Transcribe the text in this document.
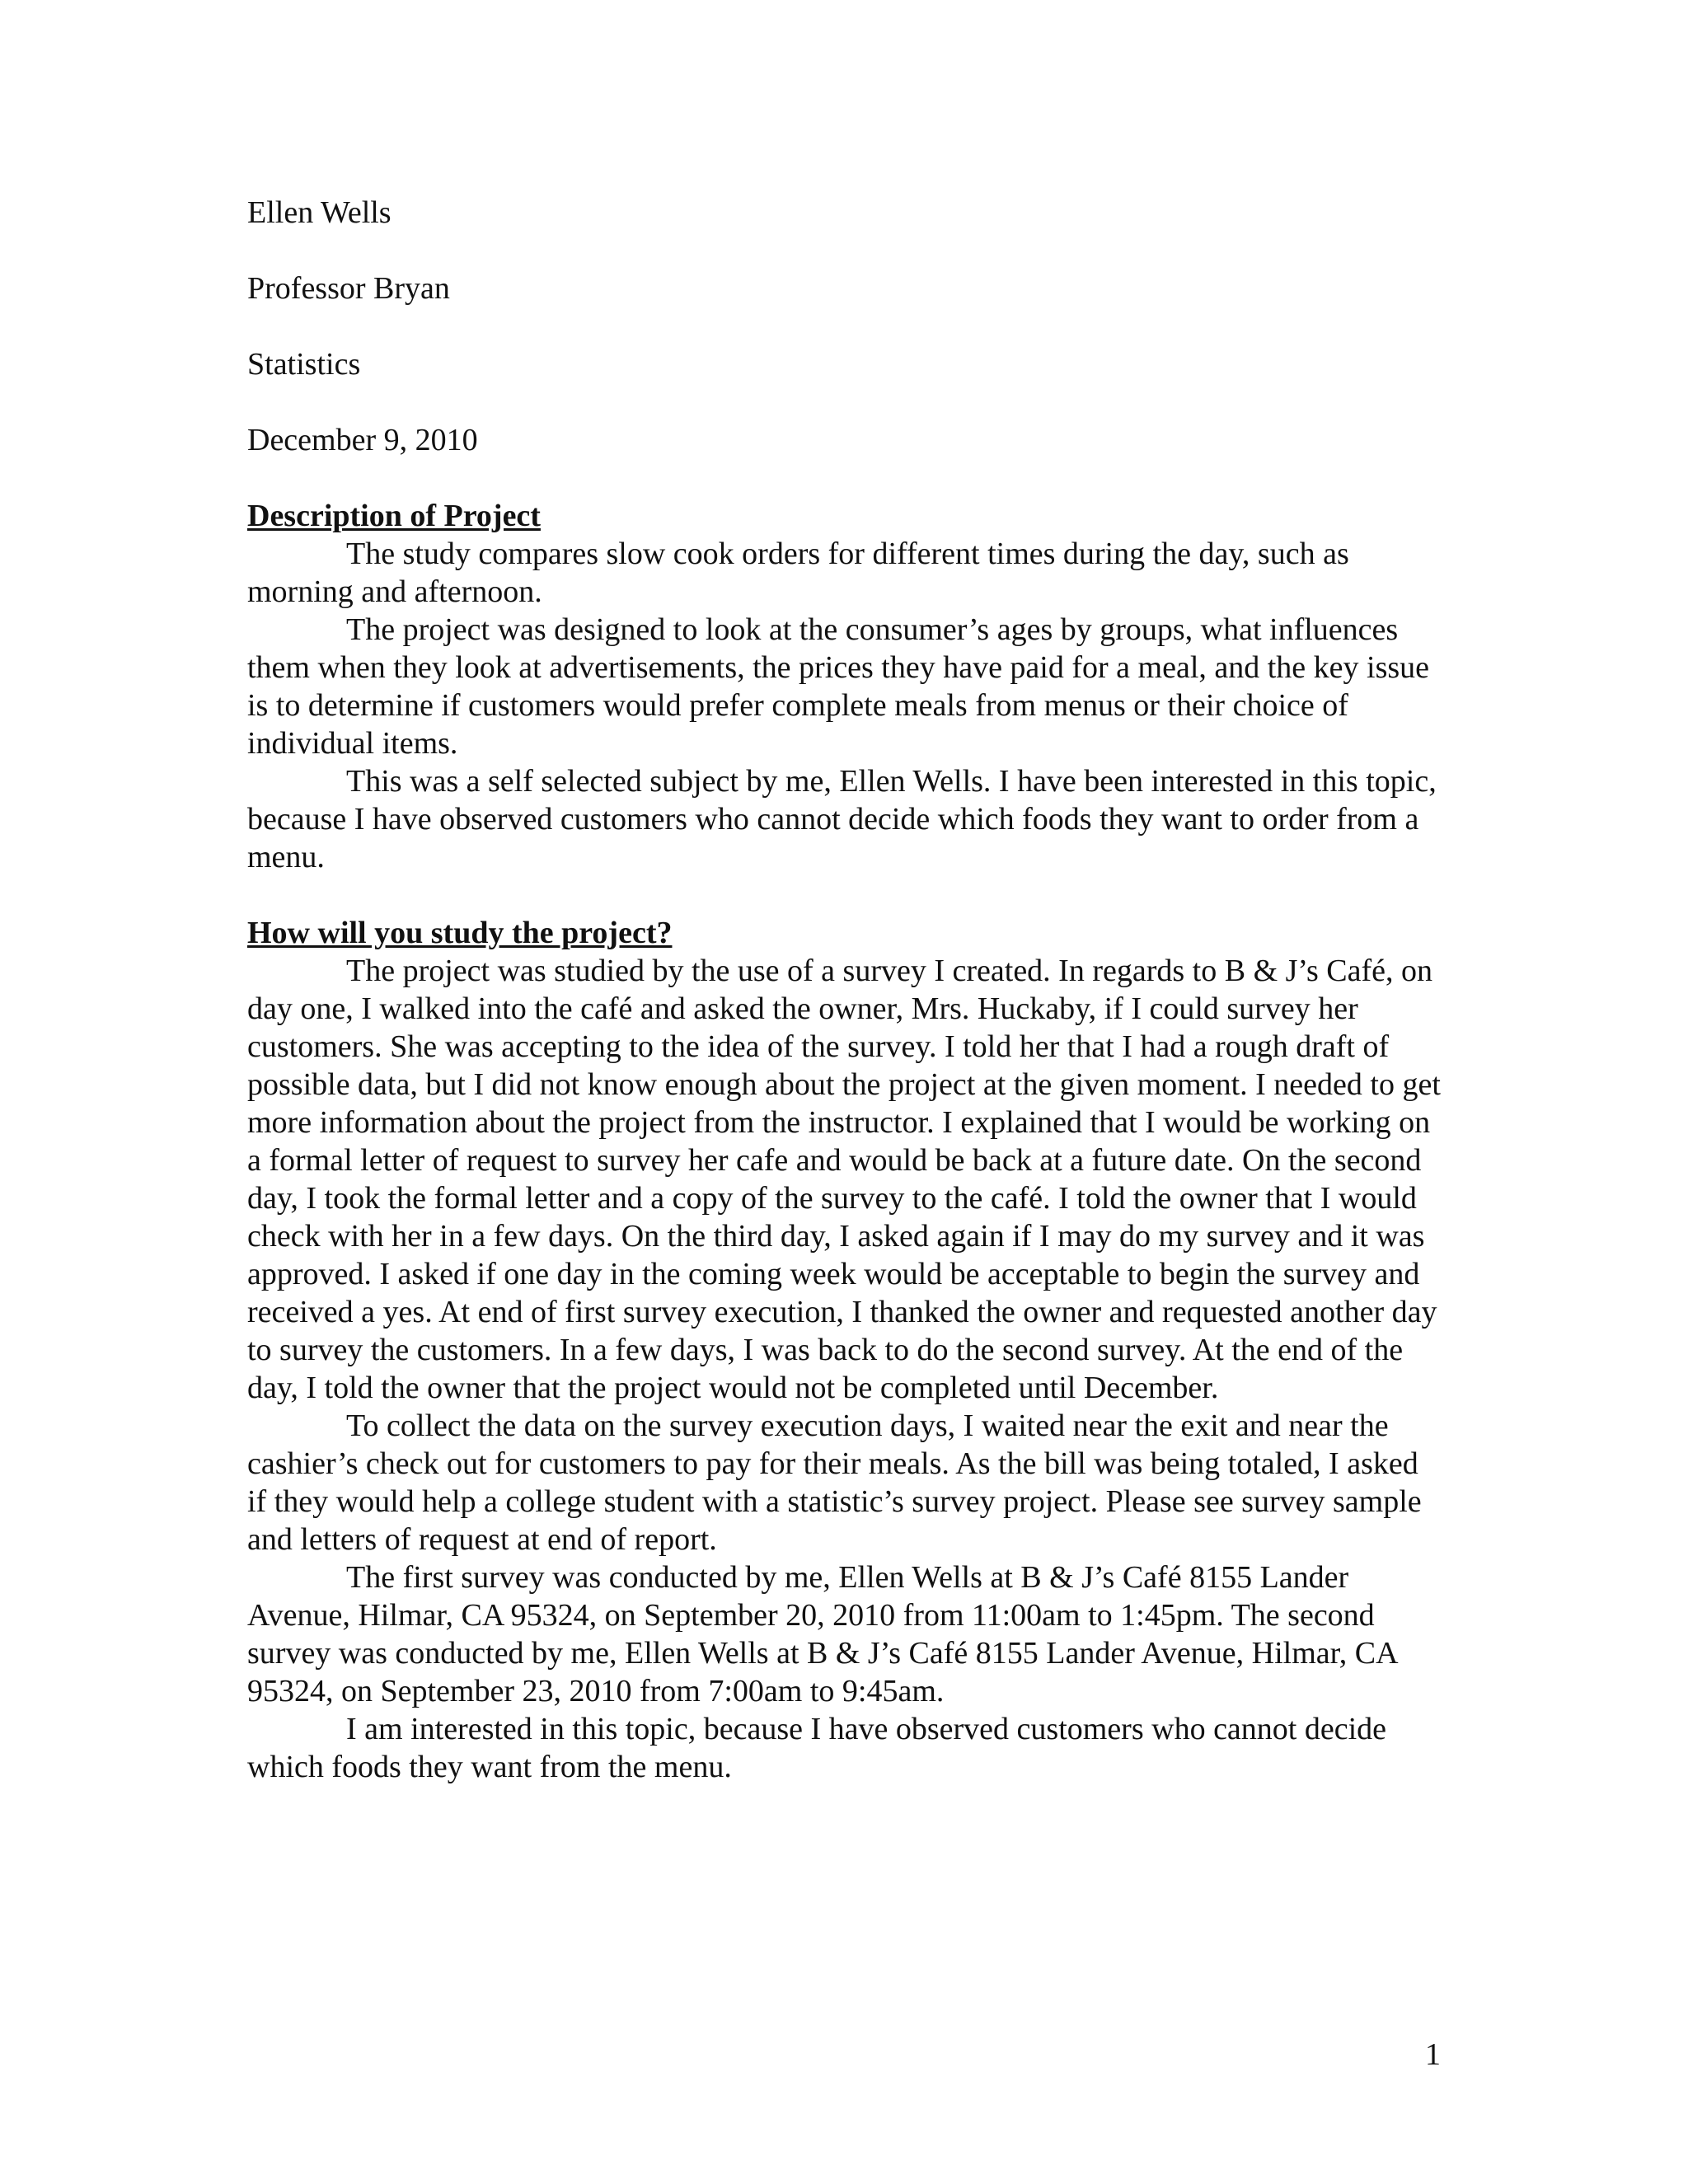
Ellen Wells
Professor Bryan
Statistics
December 9, 2010
Description of Project

The study compares slow cook orders for different times during the day, such as morning and afternoon.

The project was designed to look at the consumer’s ages by groups, what influences them when they look at advertisements, the prices they have paid for a meal, and the key issue is to determine if customers would prefer complete meals from menus or their choice of individual items.

This was a self selected subject by me, Ellen Wells. I have been interested in this topic, because I have observed customers who cannot decide which foods they want to order from a menu.

How will you study the project?

The project was studied by the use of a survey I created. In regards to B & J’s Café, on day one, I walked into the café and asked the owner, Mrs. Huckaby, if I could survey her customers. She was accepting to the idea of the survey. I told her that I had a rough draft of possible data, but I did not know enough about the project at the given moment. I needed to get more information about the project from the instructor. I explained that I would be working on a formal letter of request to survey her cafe and would be back at a future date. On the second day, I took the formal letter and a copy of the survey to the café. I told the owner that I would check with her in a few days. On the third day, I asked again if I may do my survey and it was approved. I asked if one day in the coming week would be acceptable to begin the survey and received a yes. At end of first survey execution, I thanked the owner and requested another day to survey the customers. In a few days, I was back to do the second survey. At the end of the day, I told the owner that the project would not be completed until December.

To collect the data on the survey execution days, I waited near the exit and near the cashier’s check out for customers to pay for their meals. As the bill was being totaled, I asked if they would help a college student with a statistic’s survey project. Please see survey sample and letters of request at end of report.

The first survey was conducted by me, Ellen Wells at B & J’s Café 8155 Lander Avenue, Hilmar, CA 95324, on September 20, 2010 from 11:00am to 1:45pm. The second survey was conducted by me, Ellen Wells at B & J’s Café 8155 Lander Avenue, Hilmar, CA 95324, on September 23, 2010 from 7:00am to 9:45am.

I am interested in this topic, because I have observed customers who cannot decide which foods they want from the menu.

1
